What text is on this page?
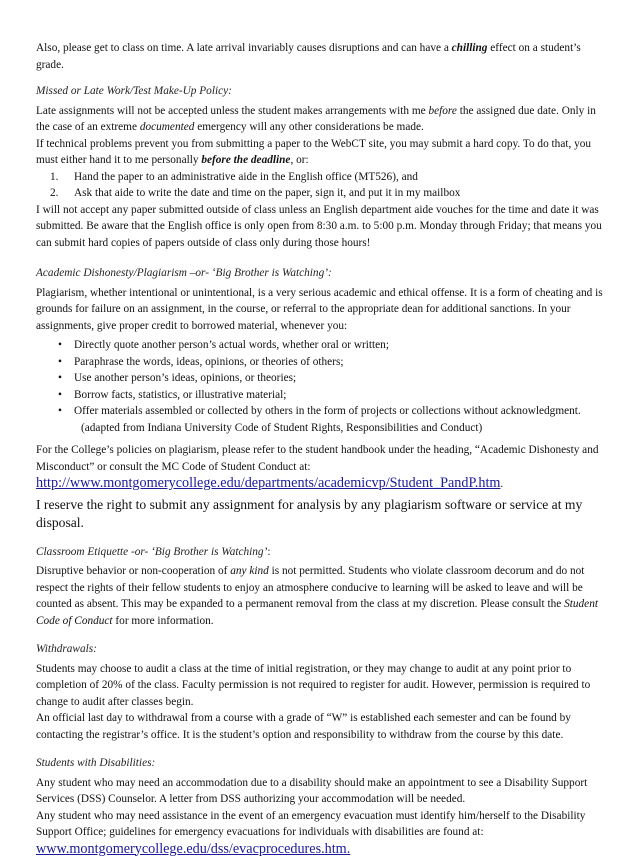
Also, please get to class on time. A late arrival invariably causes disruptions and can have a chilling effect on a student’s grade.

Missed or Late Work/Test Make-Up Policy:

Late assignments will not be accepted unless the student makes arrangements with me before the assigned due date. Only in the case of an extreme documented emergency will any other considerations be made.

If technical problems prevent you from submitting a paper to the WebCT site, you may submit a hard copy. To do that, you must either hand it to me personally before the deadline, or:

1.	Hand the paper to an administrative aide in the English office (MT526), and
2.	Ask that aide to write the date and time on the paper, sign it, and put it in my mailbox

I will not accept any paper submitted outside of class unless an English department aide vouches for the time and date it was submitted. Be aware that the English office is only open from 8:30 a.m. to 5:00 p.m. Monday through Friday; that means you can submit hard copies of papers outside of class only during those hours!

Academic Dishonesty/Plagiarism –or- ‘Big Brother is Watching’:

Plagiarism, whether intentional or unintentional, is a very serious academic and ethical offense. It is a form of cheating and is grounds for failure on an assignment, in the course, or referral to the appropriate dean for additional sanctions. In your assignments, give proper credit to borrowed material, whenever you:

• Directly quote another person’s actual words, whether oral or written;
• Paraphrase the words, ideas, opinions, or theories of others;
• Use another person’s ideas, opinions, or theories;
• Borrow facts, statistics, or illustrative material;
• Offer materials assembled or collected by others in the form of projects or collections without acknowledgment.
(adapted from Indiana University Code of Student Rights, Responsibilities and Conduct)

For the College’s policies on plagiarism, please refer to the student handbook under the heading, “Academic Dishonesty and Misconduct” or consult the MC Code of Student Conduct at:

http://www.montgomerycollege.edu/departments/academicvp/Student_PandP.htm.

I reserve the right to submit any assignment for analysis by any plagiarism software or service at my disposal.

Classroom Etiquette -or- ‘Big Brother is Watching’:

Disruptive behavior or non-cooperation of any kind is not permitted. Students who violate classroom decorum and do not respect the rights of their fellow students to enjoy an atmosphere conducive to learning will be asked to leave and will be counted as absent. This may be expanded to a permanent removal from the class at my discretion. Please consult the Student Code of Conduct for more information.

Withdrawals:

Students may choose to audit a class at the time of initial registration, or they may change to audit at any point prior to completion of 20% of the class. Faculty permission is not required to register for audit. However, permission is required to change to audit after classes begin.

An official last day to withdrawal from a course with a grade of “W” is established each semester and can be found by contacting the registrar’s office. It is the student’s option and responsibility to withdraw from the course by this date.

Students with Disabilities:

Any student who may need an accommodation due to a disability should make an appointment to see a Disability Support Services (DSS) Counselor. A letter from DSS authorizing your accommodation will be needed.

Any student who may need assistance in the event of an emergency evacuation must identify him/herself to the Disability Support Office; guidelines for emergency evacuations for individuals with disabilities are found at:

www.montgomerycollege.edu/dss/evacprocedures.htm.
